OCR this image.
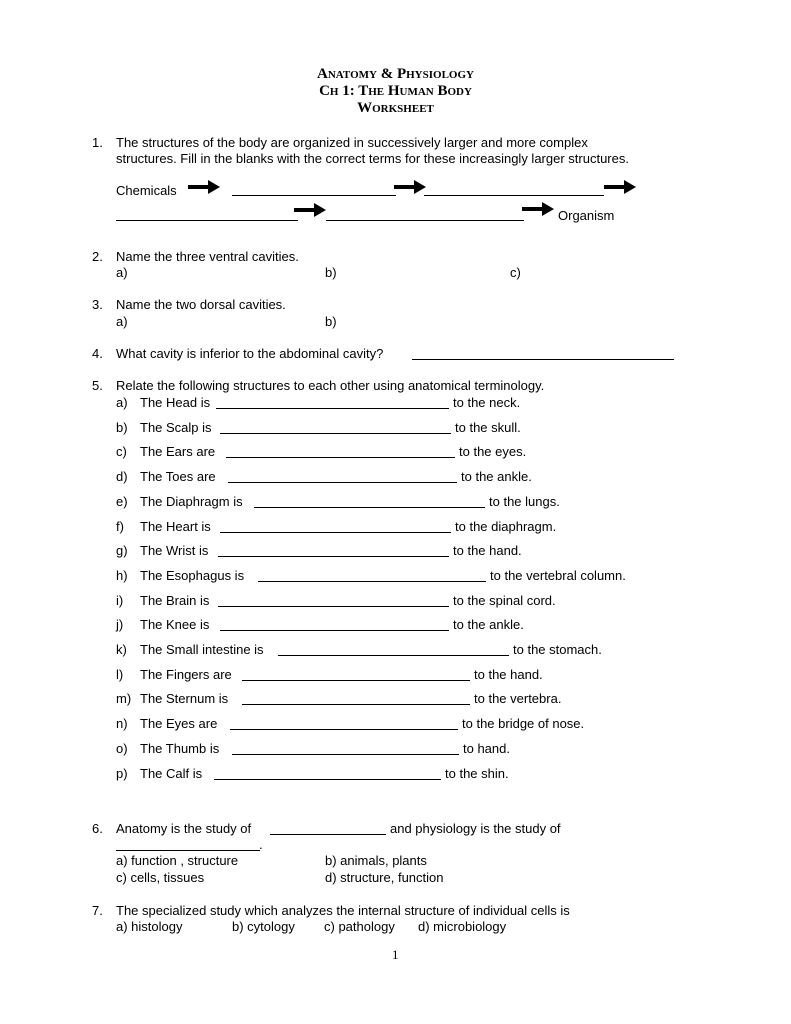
Anatomy & Physiology
Ch 1: The Human Body
Worksheet
1. The structures of the body are organized in successively larger and more complex
structures. Fill in the blanks with the correct terms for these increasingly larger structures.
Chemicals
Organism
2. Name the three ventral cavities.
a)	b)	c)
3. Name the two dorsal cavities.
a)	b)
4. What cavity is inferior to the abdominal cavity?
5. Relate the following structures to each other using anatomical terminology.
a) The Head is	to the neck.
b) The Scalp is	to the skull.
c) The Ears are	to the eyes.
d) The Toes are	to the ankle.
e) The Diaphragm is	to the lungs.
f) The Heart is	to the diaphragm.
g) The Wrist is	to the hand.
h) The Esophagus is	to the vertebral column.
i) The Brain is	to the spinal cord.
j) The Knee is	to the ankle.
k) The Small intestine is	to the stomach.
l) The Fingers are	to the hand.
m) The Sternum is	to the vertebra.
n) The Eyes are	to the bridge of nose.
o) The Thumb is	to hand.
p) The Calf is	to the shin.
6. Anatomy is the study of	and physiology is the study of
.
a) function , structure	b) animals, plants
c) cells, tissues	d) structure, function
7. The specialized study which analyzes the internal structure of individual cells is
a) histology	b) cytology c) pathology d) microbiology
1
